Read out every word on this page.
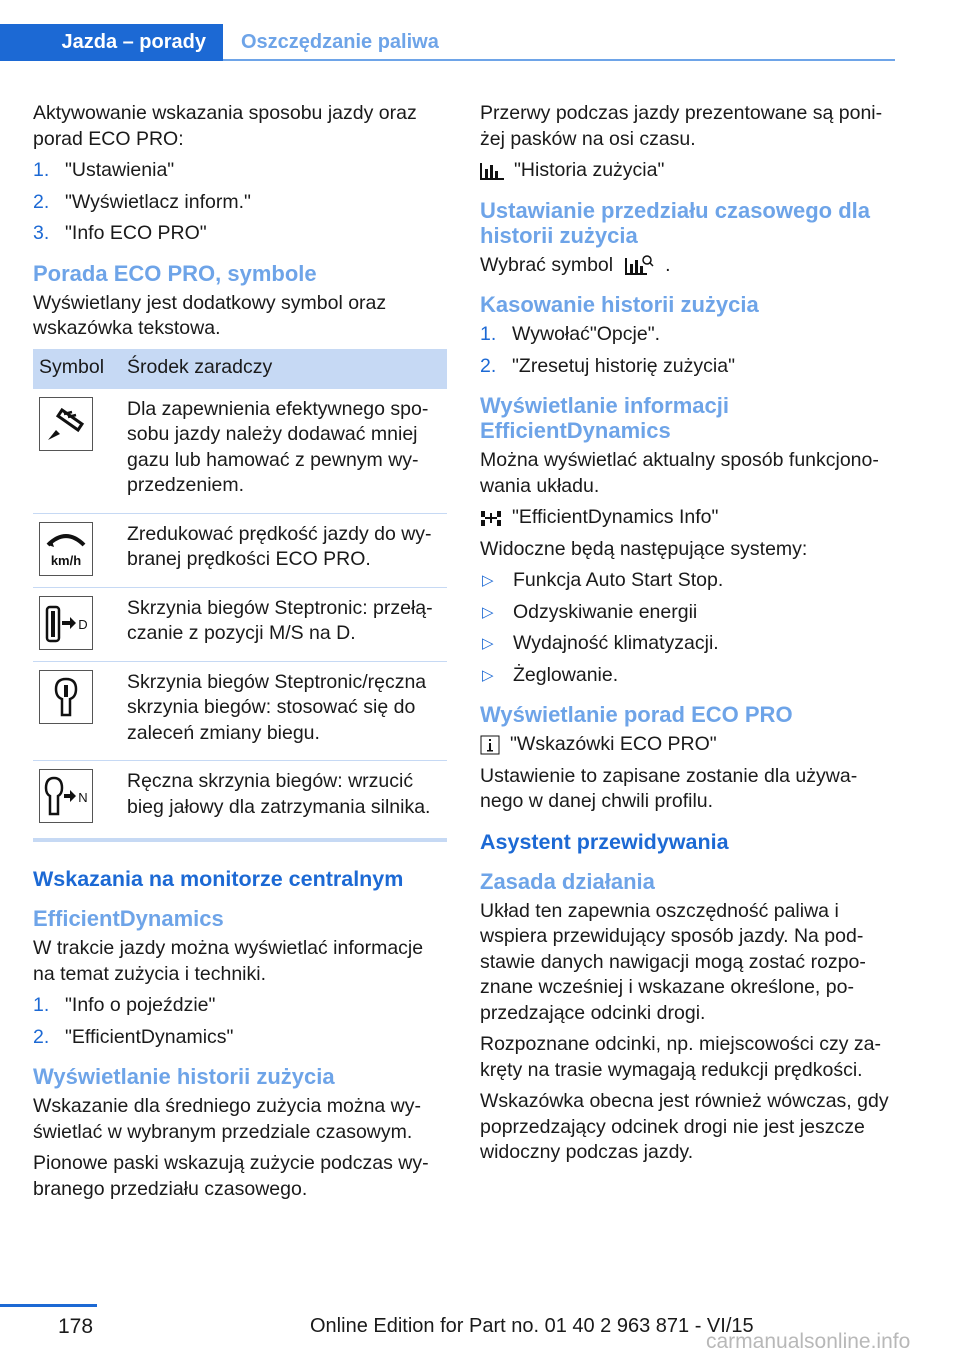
Jazda – porady	Oszczędzanie paliwa

Aktywowanie wskazania sposobu jazdy oraz porad ECO PRO:

1. "Ustawienia"
2. "Wyświetlacz inform."
3. "Info ECO PRO"
Porada ECO PRO, symbole

Wyświetlany jest dodatkowy symbol oraz wskazówka tekstowa.

Symbol	Środek zaradczy

	Dla zapewnienia efektywnego spo‐sobu jazdy należy dodawać mniej gazu lub hamować z pewnym wy‐przedzeniem.

km/h	Zredukować prędkość jazdy do wy‐branej prędkości ECO PRO.

D	Skrzynia biegów Steptronic: przełą‐czanie z pozycji M/S na D.

	Skrzynia biegów Steptronic/ręczna skrzynia biegów: stosować się do zaleceń zmiany biegu.

N	Ręczna skrzynia biegów: wrzucić bieg jałowy dla zatrzymania silnika.
Wskazania na monitorze centralnym
EfficientDynamics

W trakcie jazdy można wyświetlać informacje na temat zużycia i techniki.

1. "Info o pojeździe"
2. "EfficientDynamics"
Wyświetlanie historii zużycia

Wskazanie dla średniego zużycia można wy‐świetlać w wybranym przedziale czasowym.

Pionowe paski wskazują zużycie podczas wy‐branego przedziału czasowego.

Przerwy podczas jazdy prezentowane są poni‐żej pasków na osi czasu.

"Historia zużycia"
Ustawianie przedziału czasowego dla historii zużycia
Wybrać symbol	.
Kasowanie historii zużycia
1. Wywołać"Opcje".
2. "Zresetuj historię zużycia"
Wyświetlanie informacji EfficientDynamics

Można wyświetlać aktualny sposób funkcjono‐wania układu.

"EfficientDynamics Info"

Widoczne będą następujące systemy:

▷ Funkcja Auto Start Stop.
▷ Odzyskiwanie energii
▷ Wydajność klimatyzacji.
▷ Żeglowanie.
Wyświetlanie porad ECO PRO
"Wskazówki ECO PRO"

Ustawienie to zapisane zostanie dla używa‐nego w danej chwili profilu.

Asystent przewidywania
Zasada działania

Układ ten zapewnia oszczędność paliwa i wspiera przewidujący sposób jazdy. Na pod‐stawie danych nawigacji mogą zostać rozpo‐znane wcześniej i wskazane określone, po‐przedzające odcinki drogi.

Rozpoznane odcinki, np. miejscowości czy za‐kręty na trasie wymagają redukcji prędkości.

Wskazówka obecna jest również wówczas, gdy poprzedzający odcinek drogi nie jest jeszcze widoczny podczas jazdy.

178	Online Edition for Part no. 01 40 2 963 871 - VI/15
carmanualsonline.info
